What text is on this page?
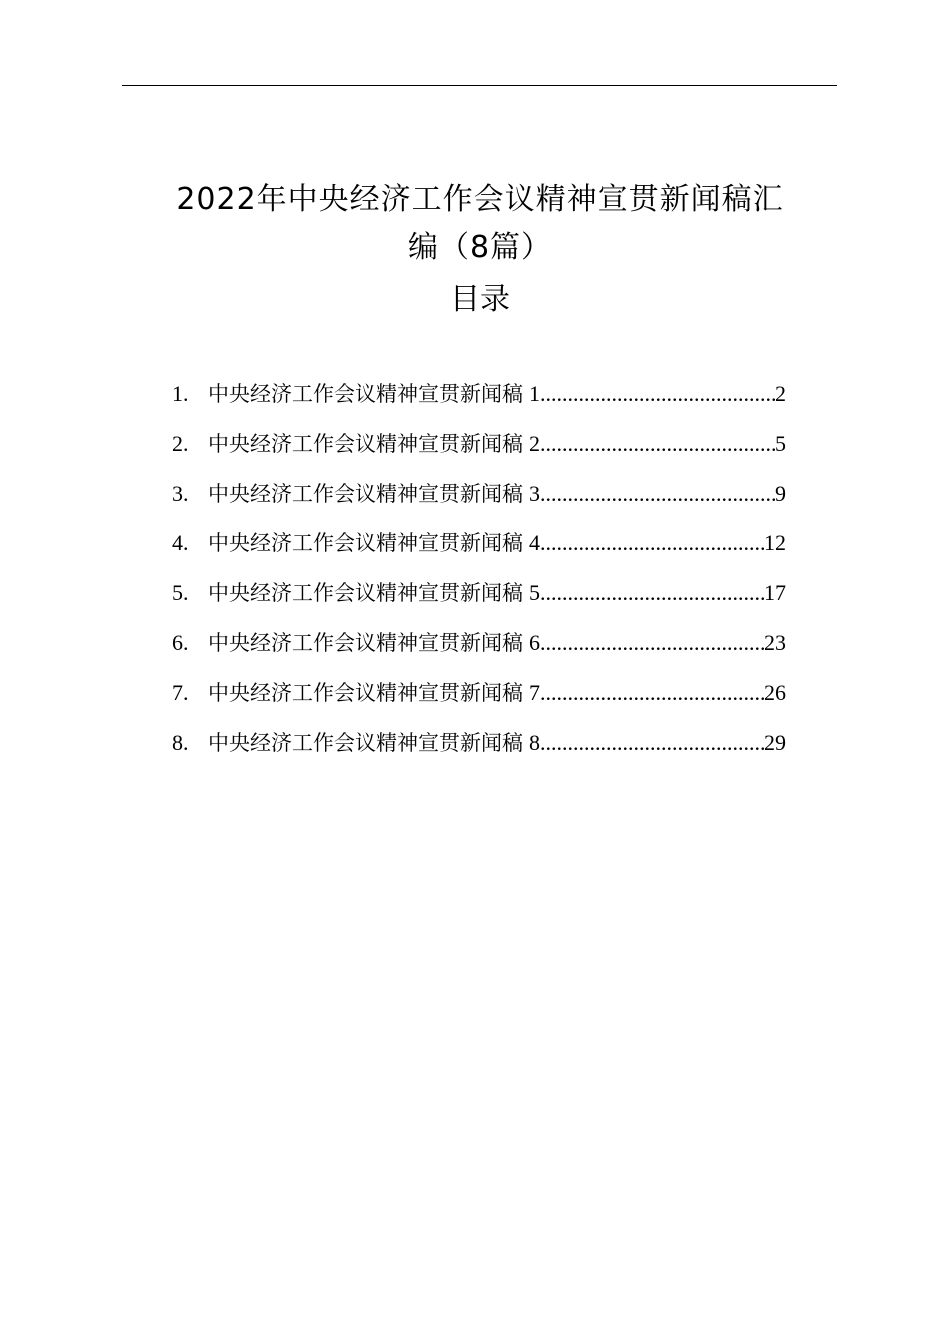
2022年中央经济工作会议精神宣贯新闻稿汇
编（8篇）
目录
1. 中央经济工作会议精神宣贯新闻稿 1 .....	2
2. 中央经济工作会议精神宣贯新闻稿 2 .....	5
3. 中央经济工作会议精神宣贯新闻稿 3 .....	9
4. 中央经济工作会议精神宣贯新闻稿 4 .....	12
5. 中央经济工作会议精神宣贯新闻稿 5 .....	17
6. 中央经济工作会议精神宣贯新闻稿 6 .....	23
7. 中央经济工作会议精神宣贯新闻稿 7 .....	26
8. 中央经济工作会议精神宣贯新闻稿 8 .....	29
